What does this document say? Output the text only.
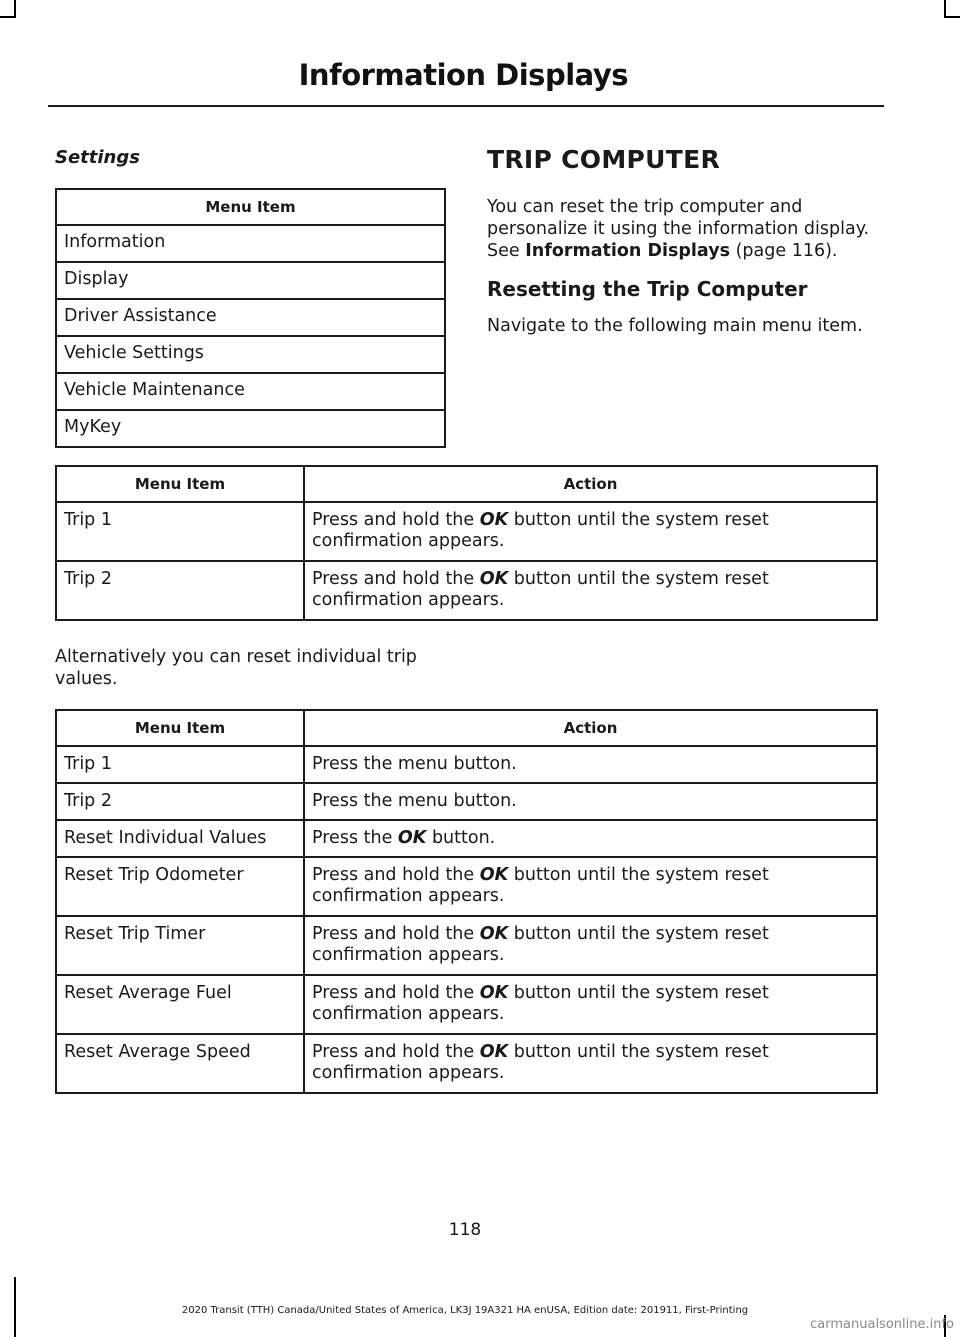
Information Displays
Settings
Menu Item
Information
Display
Driver Assistance
Vehicle Settings
Vehicle Maintenance
MyKey
TRIP COMPUTER
You can reset the trip computer and personalize it using the information display. See Information Displays (page 116).
Resetting the Trip Computer
Navigate to the following main menu item.
Menu Item	Action
Trip 1	Press and hold the OK button until the system reset confirmation appears.
Trip 2	Press and hold the OK button until the system reset confirmation appears.
Alternatively you can reset individual trip values.
Menu Item	Action
Trip 1	Press the menu button.
Trip 2	Press the menu button.
Reset Individual Values	Press the OK button.
Reset Trip Odometer	Press and hold the OK button until the system reset confirmation appears.
Reset Trip Timer	Press and hold the OK button until the system reset confirmation appears.
Reset Average Fuel	Press and hold the OK button until the system reset confirmation appears.
Reset Average Speed	Press and hold the OK button until the system reset confirmation appears.
118
2020 Transit (TTH) Canada/United States of America, LK3J 19A321 HA enUSA, Edition date: 201911, First-Printing
carmanualsonline.info
